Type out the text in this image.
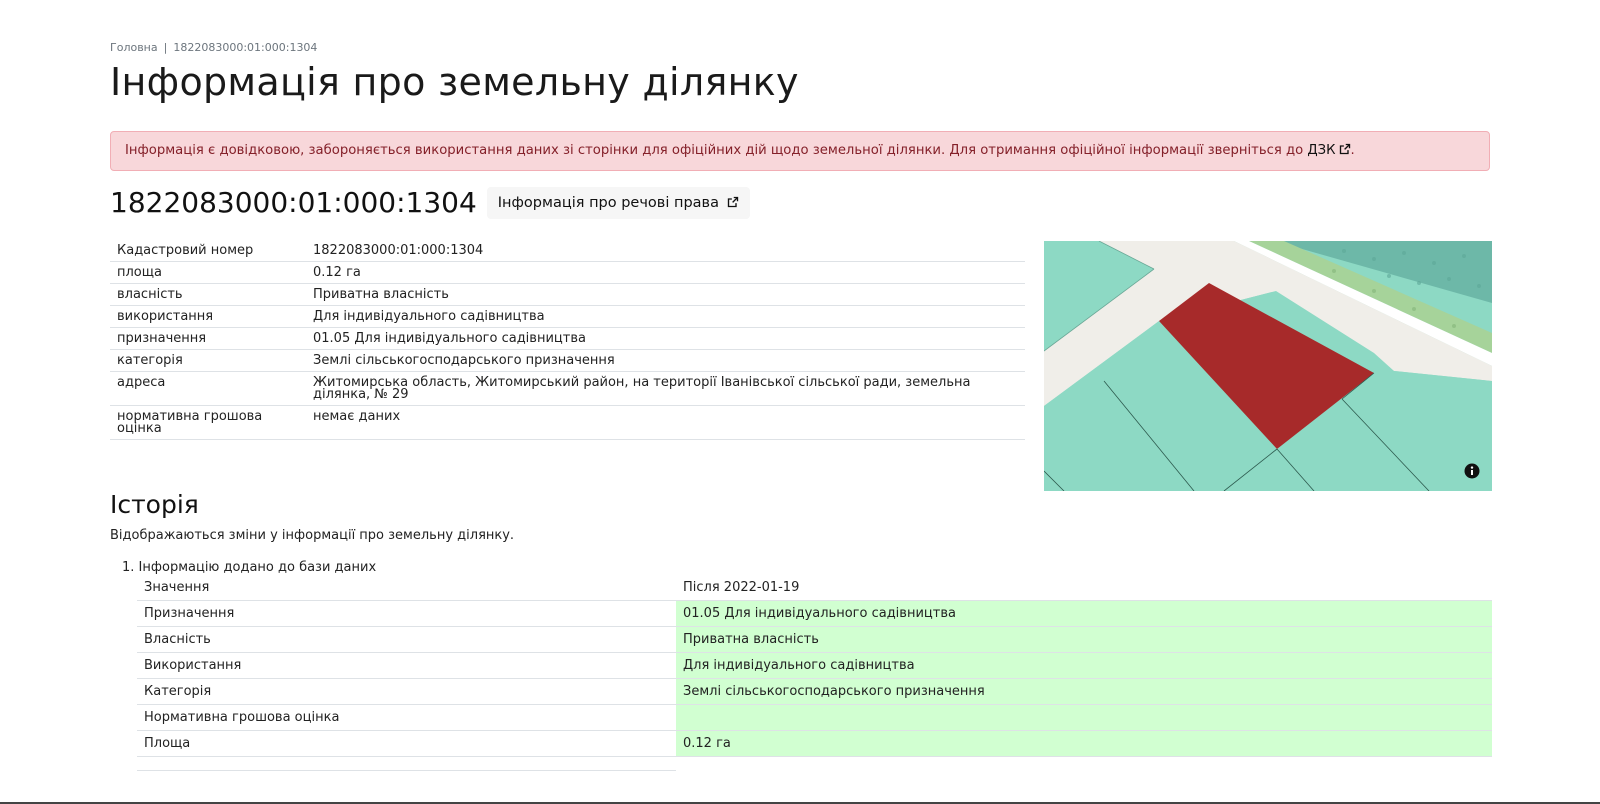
Головна | 1822083000:01:000:1304
Інформація про земельну ділянку
Інформація є довідковою, забороняється використання даних зі сторінки для офіційних дій щодо земельної ділянки. Для отримання офіційної інформації зверніться до ДЗК .
1822083000:01:000:1304	Інформація про речові права
Кадастровий номер	1822083000:01:000:1304
площа	0.12 га
власність	Приватна власність
використання	Для індивідуального садівництва
призначення	01.05 Для індивідуального садівництва
категорія	Землі сільськогосподарського призначення
адреса	Житомирська область, Житомирський район, на території Іванівської сільської ради, земельна ділянка, № 29
нормативна грошова оцінка	немає даних
Історія
Відображаються зміни у інформації про земельну ділянку.
1. Інформацію додано до бази даних
Значення	Після 2022-01-19
Призначення	01.05 Для індивідуального садівництва
Власність	Приватна власність
Використання	Для індивідуального садівництва
Категорія	Землі сільськогосподарського призначення
Нормативна грошова оцінка	
Площа	0.12 га
